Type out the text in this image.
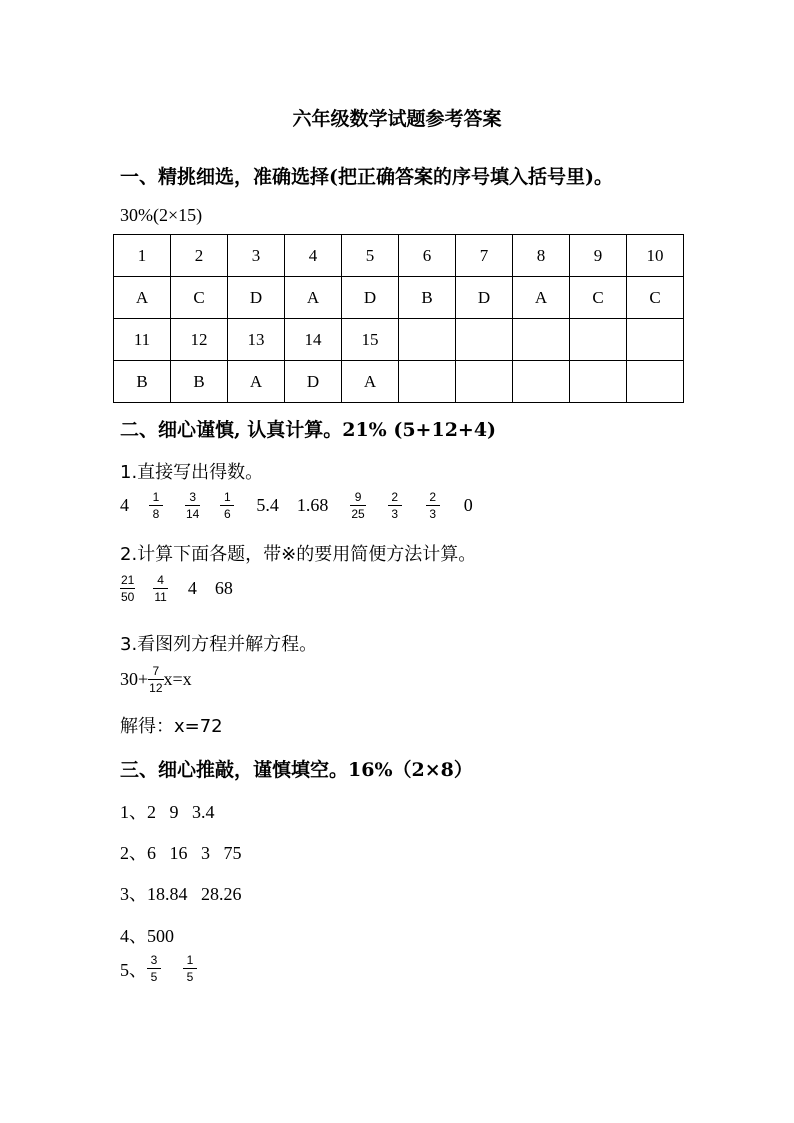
六年级数学试题参考答案
一、精挑细选，准确选择(把正确答案的序号填入括号里)。
30%(2×15)
1	2	3	4	5	6	7	8	9	10
A	C	D	A	D	B	D	A	C	C
11	12	13	14	15					
B	B	A	D	A					
二、细心谨慎, 认真计算。21% (5+12+4)
1.直接写出得数。
$4 \frac{1}{8} \frac{3}{14} \frac{1}{6} 5.4$ $1.68 \frac{9}{25} \frac{2}{3} \frac{2}{3} 0$
2.计算下面各题，带※的要用简便方法计算。
$\frac{21}{50} \frac{4}{11} 4$ 68
3.看图列方程并解方程。
$30+ \frac{7}{12} x=x$
解得：x=72
三、细心推敲，谨慎填空。16%（2×8）
1、2   9   3.4
2、6   16   3   75
3、18.84   28.26
4、500
5、 $\frac{3}{5} \frac{1}{5}$
